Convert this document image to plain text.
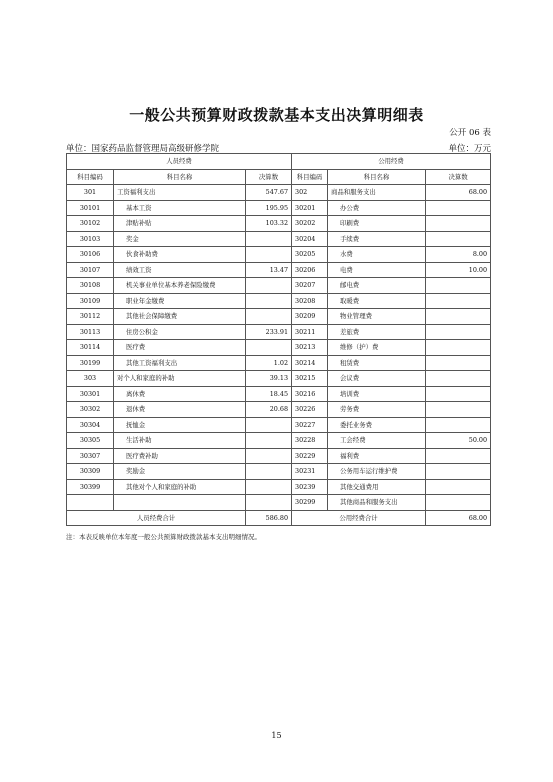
一般公共预算财政拨款基本支出决算明细表
公开 06 表
单位：国家药品监督管理局高级研修学院	单位：万元
人员经费			公用经费		
科目编码	科目名称	决算数	科目编码	科目名称	决算数
301	工资福利支出	547.67	302	商品和服务支出	68.00
30101	基本工资	195.95	30201	办公费	
30102	津贴补贴	103.32	30202	印刷费	
30103	奖金		30204	手续费	
30106	伙食补助费		30205	水费	8.00
30107	绩效工资	13.47	30206	电费	10.00
30108	机关事业单位基本养老保险缴费		30207	邮电费	
30109	职业年金缴费		30208	取暖费	
30112	其他社会保障缴费		30209	物业管理费	
30113	住房公积金	233.91	30211	差旅费	
30114	医疗费		30213	维修（护）费	
30199	其他工资福利支出	1.02	30214	租赁费	
303	对个人和家庭的补助	39.13	30215	会议费	
30301	离休费	18.45	30216	培训费	
30302	退休费	20.68	30226	劳务费	
30304	抚恤金		30227	委托业务费	
30305	生活补助		30228	工会经费	50.00
30307	医疗费补助		30229	福利费	
30309	奖励金		30231	公务用车运行维护费	
30399	其他对个人和家庭的补助		30239	其他交通费用	
			30299	其他商品和服务支出	
人员经费合计		586.80	公用经费合计		68.00
注：本表反映单位本年度一般公共预算财政拨款基本支出明细情况。
15
